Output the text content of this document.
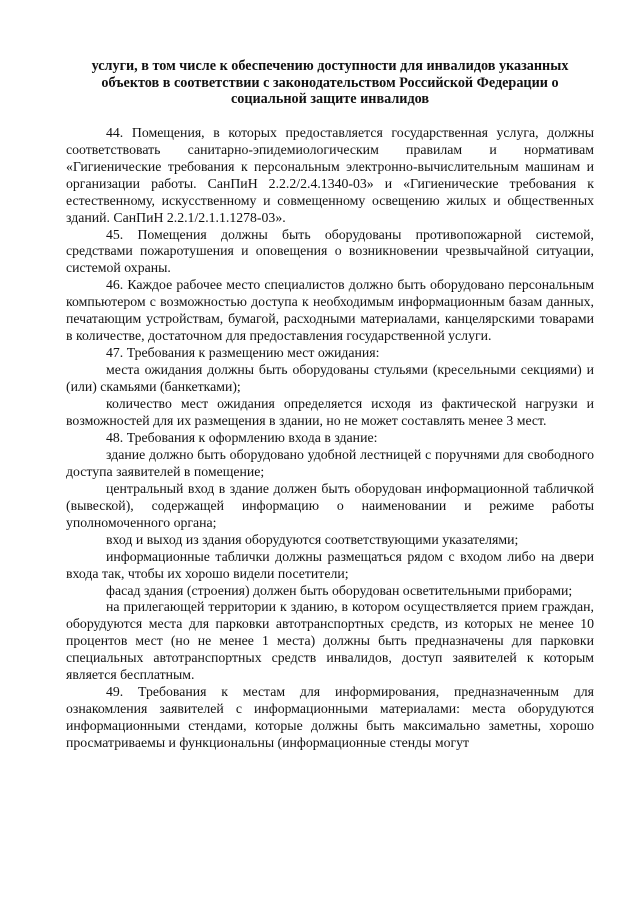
услуги, в том числе к обеспечению доступности для инвалидов указанных
объектов в соответствии с законодательством Российской Федерации о
социальной защите инвалидов

44. Помещения, в которых предоставляется государственная услуга, должны соответствовать санитарно-эпидемиологическим правилам и нормативам «Гигиенические требования к персональным электронно-вычислительным машинам и организации работы. СанПиН 2.2.2/2.4.1340-03» и «Гигиенические требования к естественному, искусственному и совмещенному освещению жилых и общественных зданий. СанПиН 2.2.1/2.1.1.1278-03».

45. Помещения должны быть оборудованы противопожарной системой, средствами пожаротушения и оповещения о возникновении чрезвычайной ситуации, системой охраны.

46. Каждое рабочее место специалистов должно быть оборудовано персональным компьютером с возможностью доступа к необходимым информационным базам данных, печатающим устройствам, бумагой, расходными материалами, канцелярскими товарами в количестве, достаточном для предоставления государственной услуги.

47. Требования к размещению мест ожидания:

места ожидания должны быть оборудованы стульями (кресельными секциями) и (или) скамьями (банкетками);

количество мест ожидания определяется исходя из фактической нагрузки и возможностей для их размещения в здании, но не может составлять менее 3 мест.

48. Требования к оформлению входа в здание:

здание должно быть оборудовано удобной лестницей с поручнями для свободного доступа заявителей в помещение;

центральный вход в здание должен быть оборудован информационной табличкой (вывеской), содержащей информацию о наименовании и режиме работы уполномоченного органа;

вход и выход из здания оборудуются соответствующими указателями;

информационные таблички должны размещаться рядом с входом либо на двери входа так, чтобы их хорошо видели посетители;

фасад здания (строения) должен быть оборудован осветительными приборами;

на прилегающей территории к зданию, в котором осуществляется прием граждан, оборудуются места для парковки автотранспортных средств, из которых не менее 10 процентов мест (но не менее 1 места) должны быть предназначены для парковки специальных автотранспортных средств инвалидов, доступ заявителей к которым является бесплатным.

49. Требования к местам для информирования, предназначенным для ознакомления заявителей с информационными материалами: места оборудуются информационными стендами, которые должны быть максимально заметны, хорошо просматриваемы и функциональны (информационные стенды могут
